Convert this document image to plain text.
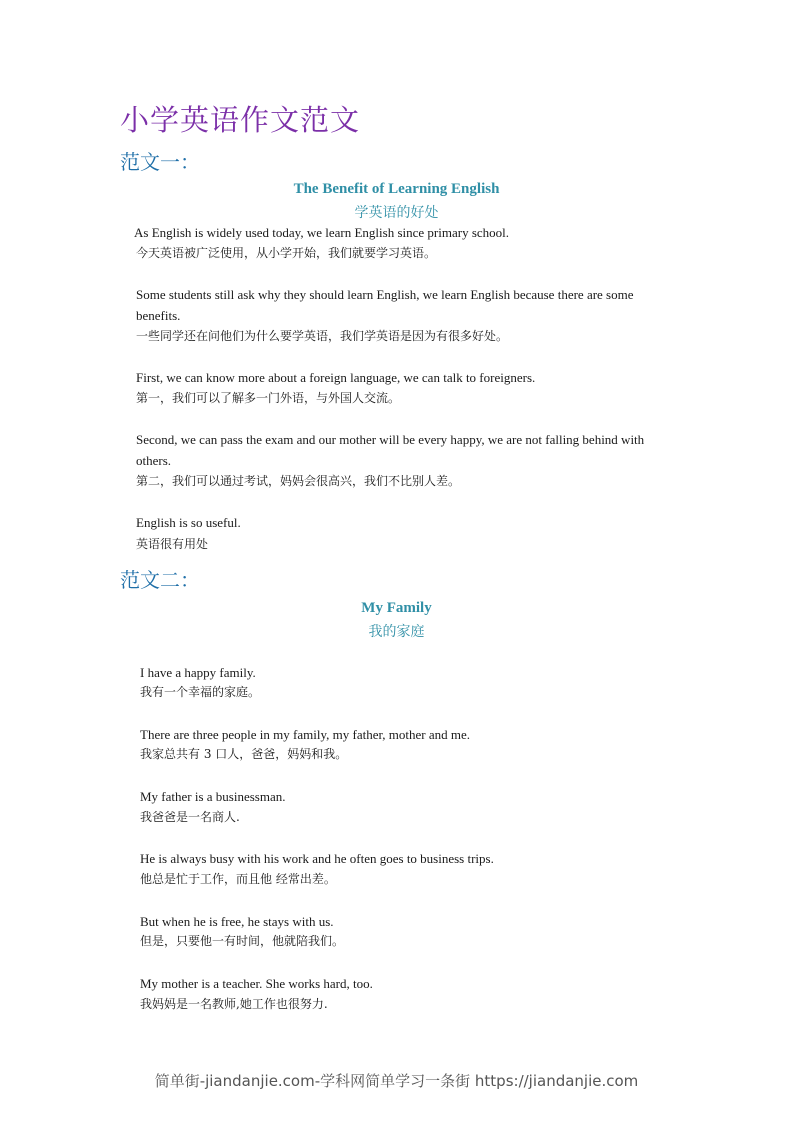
小学英语作文范文
范文一：
The Benefit of Learning English
学英语的好处
As English is widely used today, we learn English since primary school.
今天英语被广泛使用，从小学开始，我们就要学习英语。
Some students still ask why they should learn English, we learn English because there are some benefits.
一些同学还在问他们为什么要学英语，我们学英语是因为有很多好处。
First, we can know more about a foreign language, we can talk to foreigners.
第一，我们可以了解多一门外语，与外国人交流。
Second, we can pass the exam and our mother will be every happy, we are not falling behind with others.
第二，我们可以通过考试，妈妈会很高兴，我们不比别人差。
English is so useful.
英语很有用处
范文二：
My Family
我的家庭
I have a happy family.
我有一个幸福的家庭。
There are three people in my family, my father, mother and me.
我家总共有 3 口人，爸爸，妈妈和我。
My father is a businessman.
我爸爸是一名商人.
He is always busy with his work and he often goes to business trips.
他总是忙于工作，而且他 经常出差。
But when he is free, he stays with us.
但是，只要他一有时间，他就陪我们。
My mother is a teacher. She works hard, too.
我妈妈是一名教师,她工作也很努力.
简单街-jiandanjie.com-学科网简单学习一条街 https://jiandanjie.com
